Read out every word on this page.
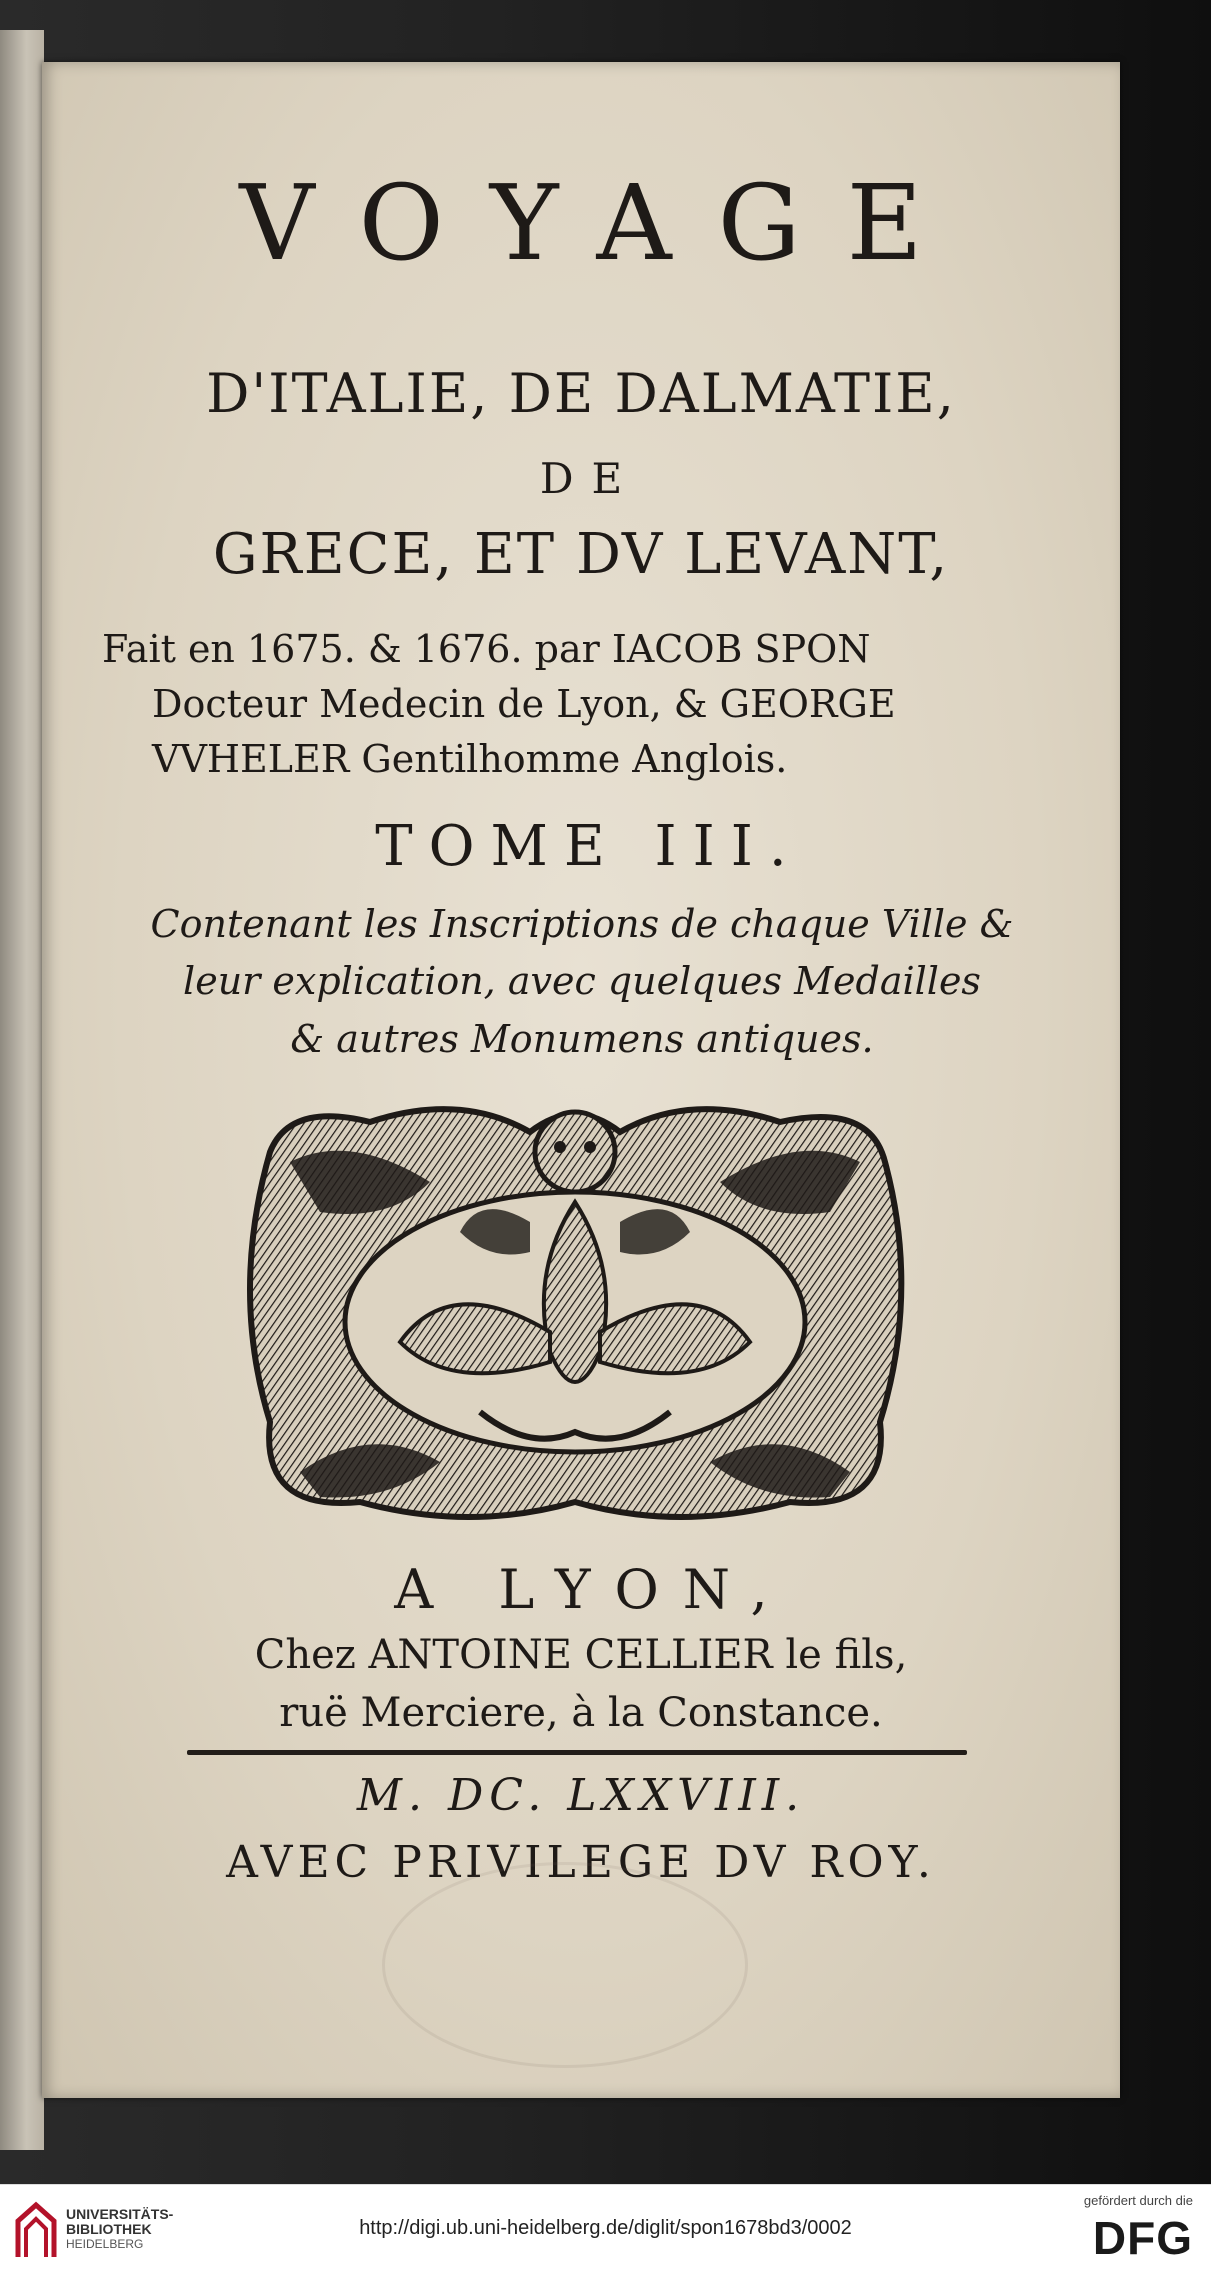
VOYAGE

D'ITALIE, DE DALMATIE,

DE

GRECE, ET DV LEVANT,

Fait en 1675. & 1676. par IACOB SPON

Docteur Medecin de Lyon, & GEORGE

VVHELER Gentilhomme Anglois.

TOME III.

Contenant les Inscriptions de chaque Ville &

leur explication, avec quelques Medailles

& autres Monumens antiques.

A LYON,

Chez ANTOINE CELLIER le fils,

ruë Merciere, à la Constance.

M. DC. LXXVIII.

AVEC PRIVILEGE DV ROY.

UNIVERSITÄTS-
BIBLIOTHEK
HEIDELBERG
http://digi.ub.uni-heidelberg.de/diglit/spon1678bd3/0002
gefördert durch die
DFG
